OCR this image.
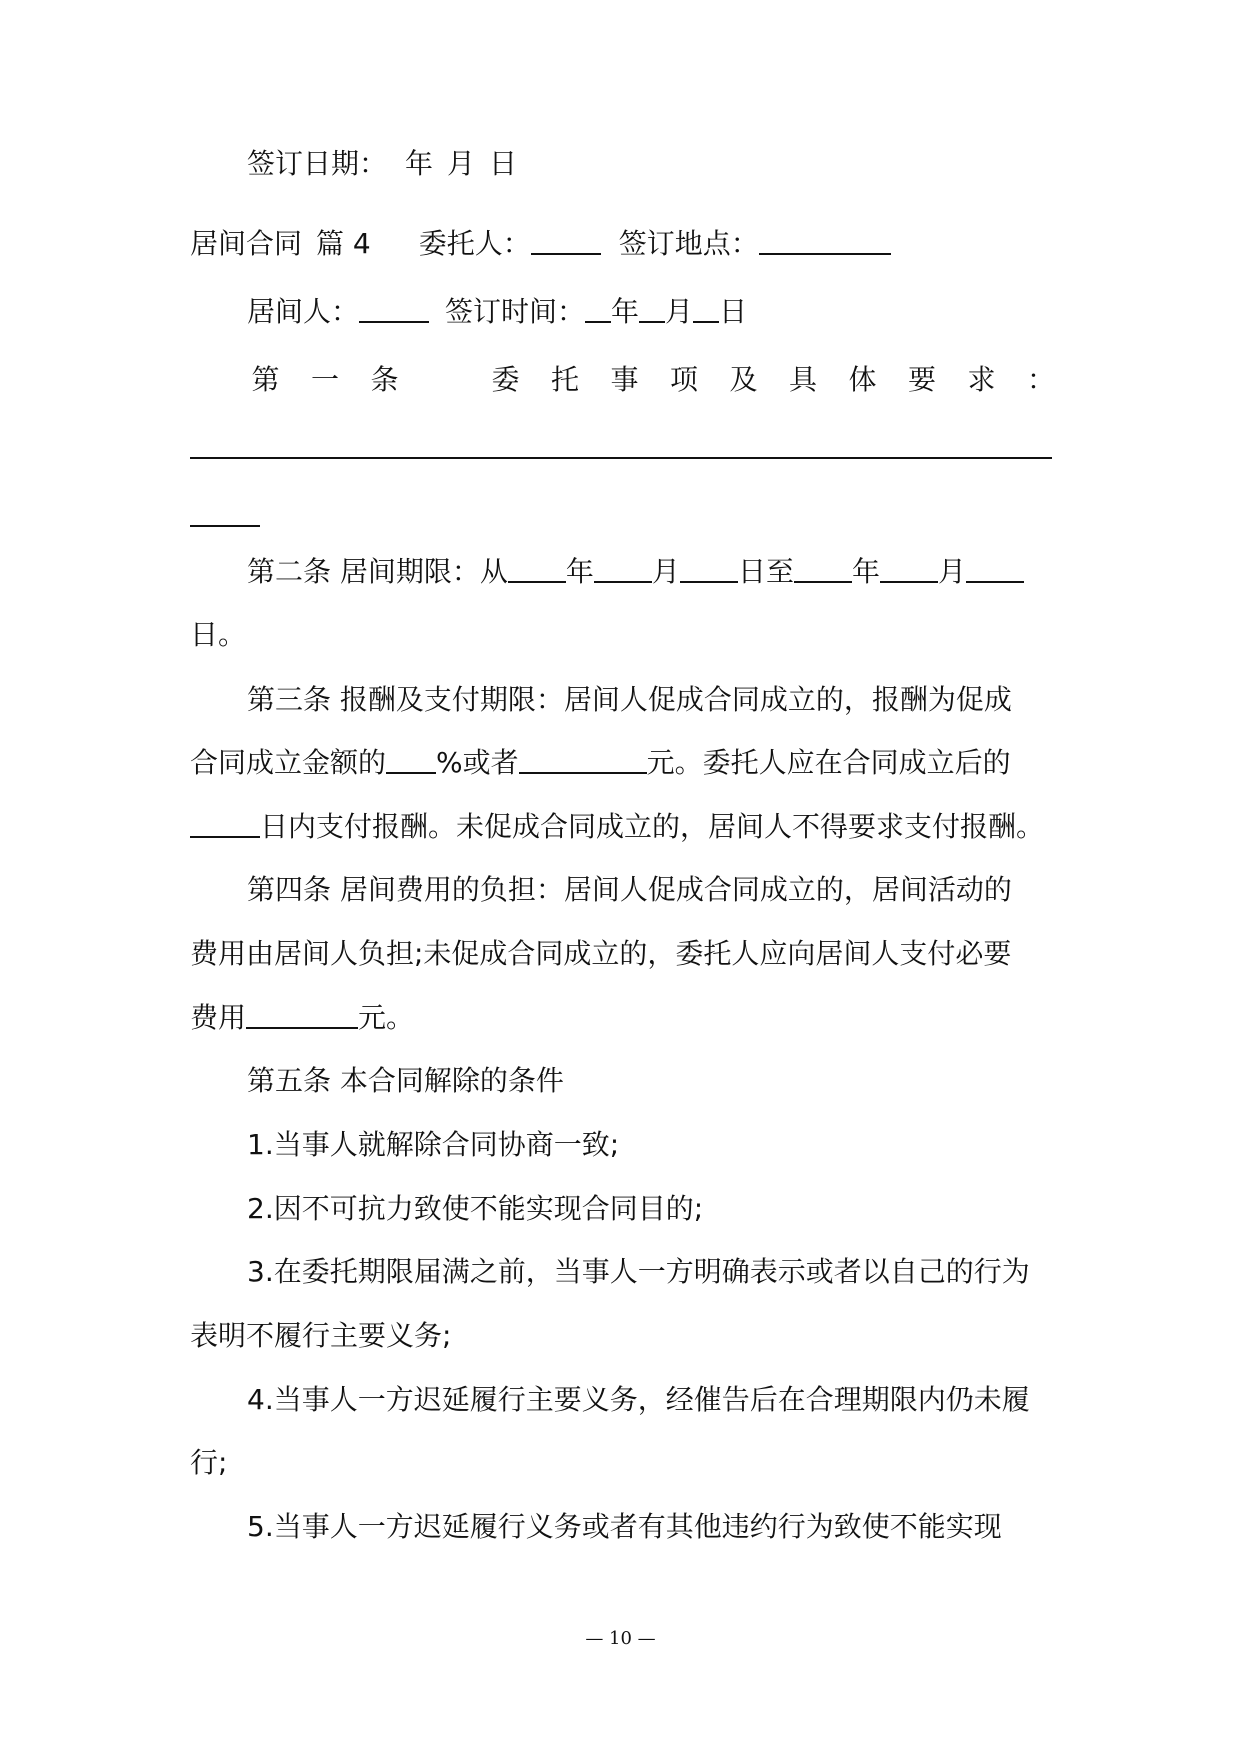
签订日期： 年 月 日
居间合同 篇 4 委托人：	签订地点：
居间人：	签订时间： 年 月 日
第 一 条	委 托 事 项 及 具 体 要 求 ：
第二条 居间期限：从 年 月 日至 年 月
日。
第三条 报酬及支付期限：居间人促成合同成立的，报酬为促成
合同成立金额的 %或者	元。委托人应在合同成立后的
日内支付报酬。未促成合同成立的，居间人不得要求支付报酬。
第四条 居间费用的负担：居间人促成合同成立的，居间活动的
费用由居间人负担;未促成合同成立的，委托人应向居间人支付必要
费用	元。
第五条 本合同解除的条件
1.当事人就解除合同协商一致;
2.因不可抗力致使不能实现合同目的;
3.在委托期限届满之前，当事人一方明确表示或者以自己的行为
表明不履行主要义务;
4.当事人一方迟延履行主要义务，经催告后在合理期限内仍未履
行;
5.当事人一方迟延履行义务或者有其他违约行为致使不能实现
— 10 —
